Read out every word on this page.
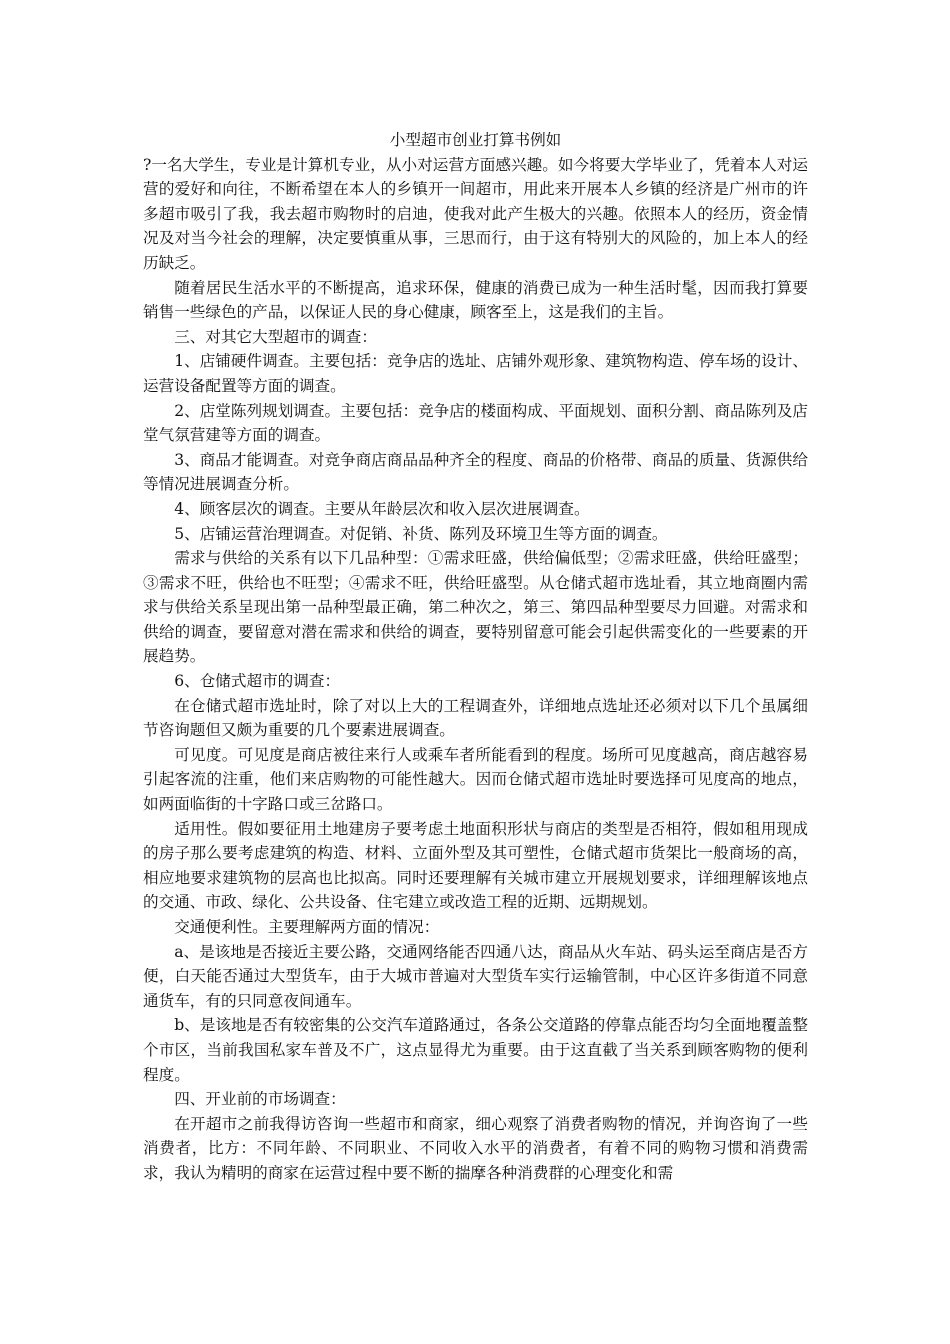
小型超市创业打算书例如

?一名大学生，专业是计算机专业，从小对运营方面感兴趣。如今将要大学毕业了，凭着本人对运营的爱好和向往，不断希望在本人的乡镇开一间超市，用此来开展本人乡镇的经济是广州市的许多超市吸引了我，我去超市购物时的启迪，使我对此产生极大的兴趣。依照本人的经历，资金情况及对当今社会的理解，决定要慎重从事，三思而行，由于这有特别大的风险的，加上本人的经历缺乏。

随着居民生活水平的不断提高，追求环保，健康的消费已成为一种生活时髦，因而我打算要销售一些绿色的产品，以保证人民的身心健康，顾客至上，这是我们的主旨。

三、对其它大型超市的调查：

1、店铺硬件调查。主要包括：竞争店的选址、店铺外观形象、建筑物构造、停车场的设计、运营设备配置等方面的调查。

2、店堂陈列规划调查。主要包括：竞争店的楼面构成、平面规划、面积分割、商品陈列及店堂气氛营建等方面的调查。

3、商品才能调查。对竞争商店商品品种齐全的程度、商品的价格带、商品的质量、货源供给等情况进展调查分析。

4、顾客层次的调查。主要从年龄层次和收入层次进展调查。

5、店铺运营治理调查。对促销、补货、陈列及环境卫生等方面的调查。

需求与供给的关系有以下几品种型：①需求旺盛，供给偏低型；②需求旺盛，供给旺盛型；③需求不旺，供给也不旺型；④需求不旺，供给旺盛型。从仓储式超市选址看，其立地商圈内需求与供给关系呈现出第一品种型最正确，第二种次之，第三、第四品种型要尽力回避。对需求和供给的调查，要留意对潜在需求和供给的调查，要特别留意可能会引起供需变化的一些要素的开展趋势。

6、仓储式超市的调查：

在仓储式超市选址时，除了对以上大的工程调查外，详细地点选址还必须对以下几个虽属细节咨询题但又颇为重要的几个要素进展调查。

可见度。可见度是商店被往来行人或乘车者所能看到的程度。场所可见度越高，商店越容易引起客流的注重，他们来店购物的可能性越大。因而仓储式超市选址时要选择可见度高的地点，如两面临街的十字路口或三岔路口。

适用性。假如要征用土地建房子要考虑土地面积形状与商店的类型是否相符，假如租用现成的房子那么要考虑建筑的构造、材料、立面外型及其可塑性，仓储式超市货架比一般商场的高，相应地要求建筑物的层高也比拟高。同时还要理解有关城市建立开展规划要求，详细理解该地点的交通、市政、绿化、公共设备、住宅建立或改造工程的近期、远期规划。

交通便利性。主要理解两方面的情况：

a、是该地是否接近主要公路，交通网络能否四通八达，商品从火车站、码头运至商店是否方便，白天能否通过大型货车，由于大城市普遍对大型货车实行运输管制，中心区许多街道不同意通货车，有的只同意夜间通车。

b、是该地是否有较密集的公交汽车道路通过，各条公交道路的停靠点能否均匀全面地覆盖整个市区，当前我国私家车普及不广，这点显得尤为重要。由于这直截了当关系到顾客购物的便利程度。

四、开业前的市场调查：

在开超市之前我得访咨询一些超市和商家，细心观察了消费者购物的情况，并询咨询了一些消费者，比方：不同年龄、不同职业、不同收入水平的消费者，有着不同的购物习惯和消费需求，我认为精明的商家在运营过程中要不断的揣摩各种消费群的心理变化和需
